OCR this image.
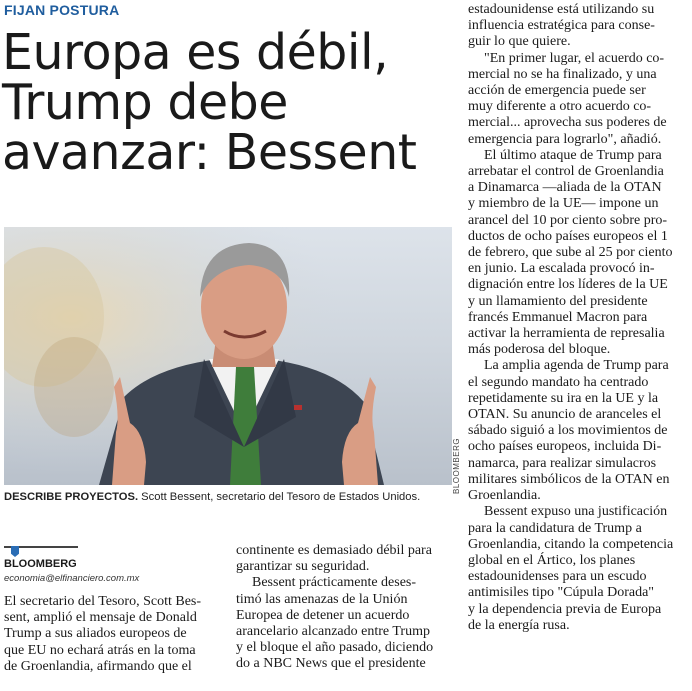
FIJAN POSTURA
Europa es débil,
Trump debe
avanzar: Bessent
BLOOMBERG
DESCRIBE PROYECTOS. Scott Bessent, secretario del Tesoro de Estados Unidos.
BLOOMBERG
economia@elfinanciero.com.mx
El secretario del Tesoro, Scott Bes-
sent, amplió el mensaje de Donald
Trump a sus aliados europeos de
que EU no echará atrás en la toma
de Groenlandia, afirmando que el
continente es demasiado débil para
garantizar su seguridad.
Bessent prácticamente deses-
timó las amenazas de la Unión
Europea de detener un acuerdo
arancelario alcanzado entre Trump
y el bloque el año pasado, diciendo
do a NBC News que el presidente
estadounidense está utilizando su
influencia estratégica para conse-
guir lo que quiere.
"En primer lugar, el acuerdo co-
mercial no se ha finalizado, y una
acción de emergencia puede ser
muy diferente a otro acuerdo co-
mercial... aprovecha sus poderes de
emergencia para lograrlo", añadió.
El último ataque de Trump para
arrebatar el control de Groenlandia
a Dinamarca —aliada de la OTAN
y miembro de la UE— impone un
arancel del 10 por ciento sobre pro-
ductos de ocho países europeos el 1
de febrero, que sube al 25 por ciento
en junio. La escalada provocó in-
dignación entre los líderes de la UE
y un llamamiento del presidente
francés Emmanuel Macron para
activar la herramienta de represalia
más poderosa del bloque.
La amplia agenda de Trump para
el segundo mandato ha centrado
repetidamente su ira en la UE y la
OTAN. Su anuncio de aranceles el
sábado siguió a los movimientos de
ocho países europeos, incluida Di-
namarca, para realizar simulacros
militares simbólicos de la OTAN en
Groenlandia.
Bessent expuso una justificación
para la candidatura de Trump a
Groenlandia, citando la competencia
global en el Ártico, los planes
estadounidenses para un escudo
antimisiles tipo "Cúpula Dorada"
y la dependencia previa de Europa
de la energía rusa.
